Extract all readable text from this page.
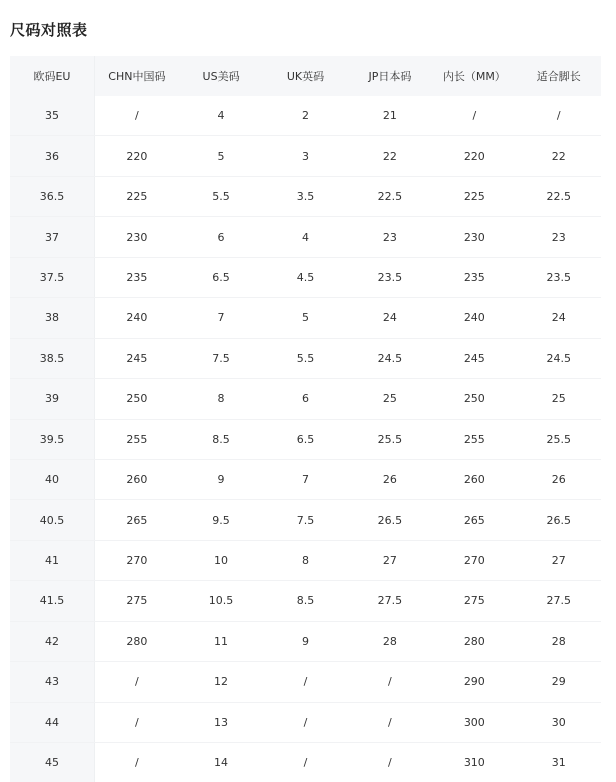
尺码对照表
欧码EU	CHN中国码	US美码	UK英码	JP日本码	内长（MM）	适合脚长
35	/	4	2	21	/	/
36	220	5	3	22	220	22
36.5	225	5.5	3.5	22.5	225	22.5
37	230	6	4	23	230	23
37.5	235	6.5	4.5	23.5	235	23.5
38	240	7	5	24	240	24
38.5	245	7.5	5.5	24.5	245	24.5
39	250	8	6	25	250	25
39.5	255	8.5	6.5	25.5	255	25.5
40	260	9	7	26	260	26
40.5	265	9.5	7.5	26.5	265	26.5
41	270	10	8	27	270	27
41.5	275	10.5	8.5	27.5	275	27.5
42	280	11	9	28	280	28
43	/	12	/	/	290	29
44	/	13	/	/	300	30
45	/	14	/	/	310	31
